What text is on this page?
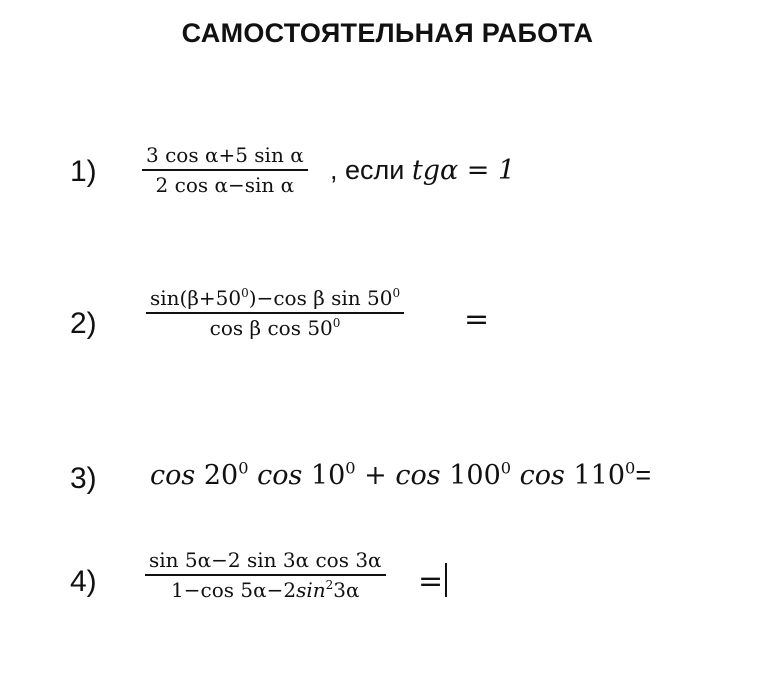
САМОСТОЯТЕЛЬНАЯ РАБОТА
1) 3 cos α+5 sin α
2 cos α−sin α	, если tgα = 1
2)
$\sin(\beta+50^0)-\cos$ β $\sin 50^0$
cos β $\cos 50^0$	=
3) $\cos 20^0$ $\cos 10^0 + \cos 100^0$ $\cos 110^0=$
4)
sin 5α−2 sin 3α cos 3α
1−cos $5\alpha-2\sin^23\alpha$	=
